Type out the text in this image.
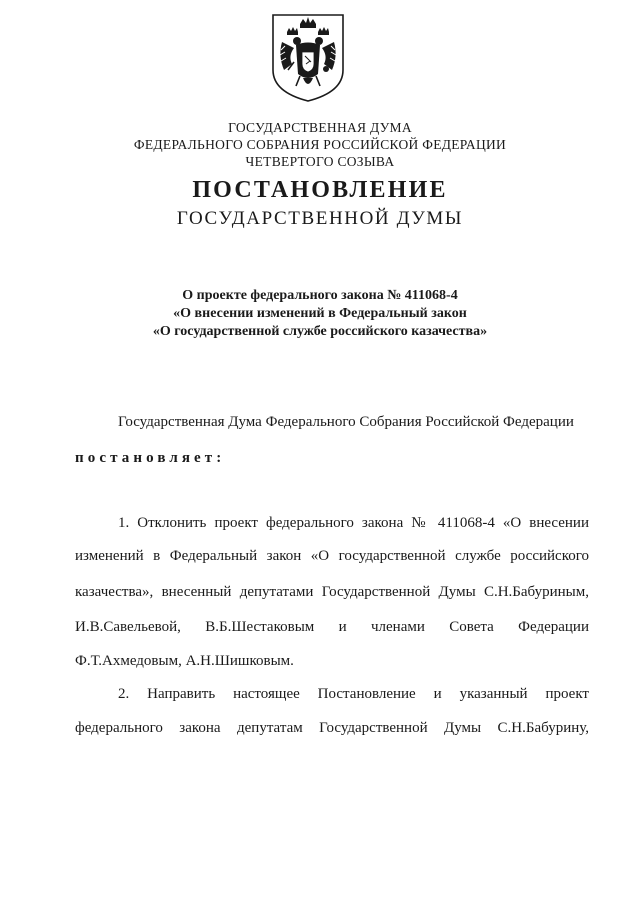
ГОСУДАРСТВЕННАЯ ДУМА
ФЕДЕРАЛЬНОГО СОБРАНИЯ РОССИЙСКОЙ ФЕДЕРАЦИИ
ЧЕТВЕРТОГО СОЗЫВА
ПОСТАНОВЛЕНИЕ
ГОСУДАРСТВЕННОЙ ДУМЫ
О проекте федерального закона № 411068-4
«О внесении изменений в Федеральный закон
«О государственной службе российского казачества»
Государственная Дума Федерального Собрания Российской Федерации
постановляет:
1. Отклонить проект федерального закона № 411068-4 «О внесении
изменений в Федеральный закон «О государственной службе российского
казачества», внесенный депутатами Государственной Думы С.Н.Бабуриным,
И.В.Савельевой, В.Б.Шестаковым и членами Совета Федерации
Ф.Т.Ахмедовым, А.Н.Шишковым.
2. Направить настоящее Постановление и указанный проект
федерального закона депутатам Государственной Думы С.Н.Бабурину,
